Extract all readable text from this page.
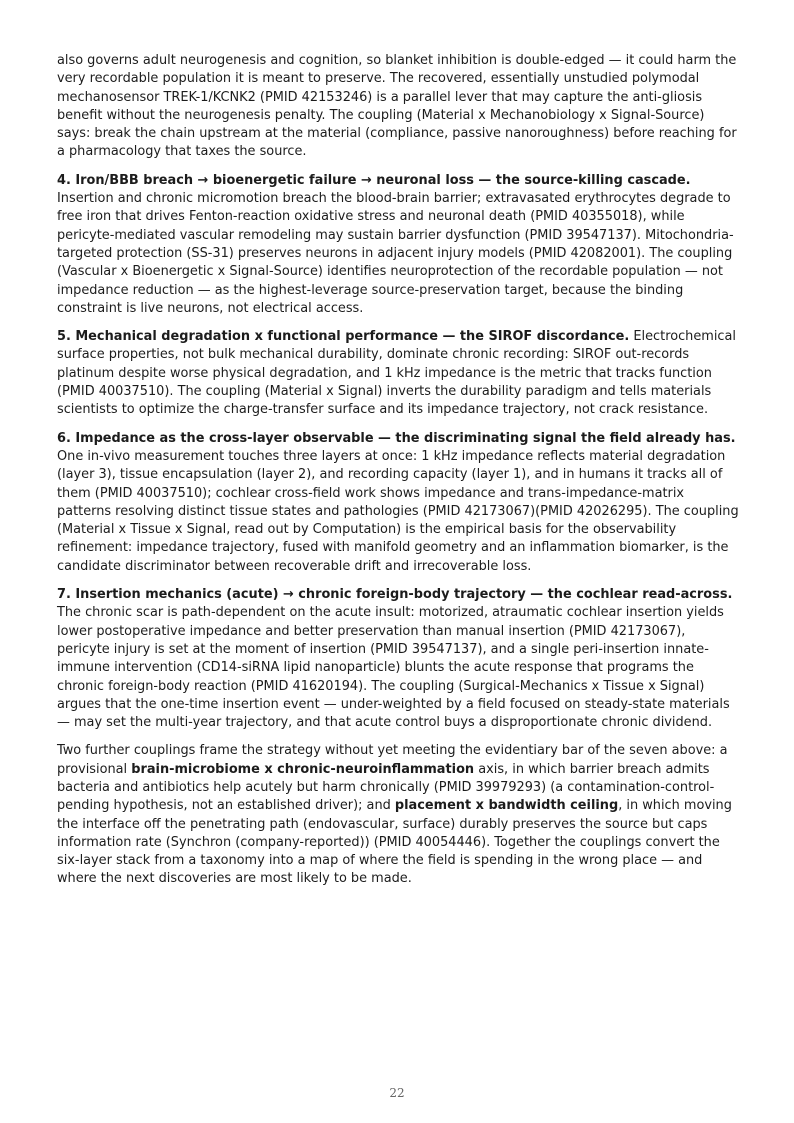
also governs adult neurogenesis and cognition, so blanket inhibition is double-edged — it could harm the very recordable population it is meant to preserve. The recovered, essentially unstudied polymodal mechanosensor TREK-1/KCNK2 (PMID 42153246) is a parallel lever that may capture the anti-gliosis benefit without the neurogenesis penalty. The coupling (Material x Mechanobiology x Signal-Source) says: break the chain upstream at the material (compliance, passive nanoroughness) before reaching for a pharmacology that taxes the source.

4. Iron/BBB breach → bioenergetic failure → neuronal loss — the source-killing cascade. Insertion and chronic micromotion breach the blood-brain barrier; extravasated erythrocytes degrade to free iron that drives Fenton-reaction oxidative stress and neuronal death (PMID 40355018), while pericyte-mediated vascular remodeling may sustain barrier dysfunction (PMID 39547137). Mitochondria-targeted protection (SS-31) preserves neurons in adjacent injury models (PMID 42082001). The coupling (Vascular x Bioenergetic x Signal-Source) identifies neuroprotection of the recordable population — not impedance reduction — as the highest-leverage source-preservation target, because the binding constraint is live neurons, not electrical access.

5. Mechanical degradation x functional performance — the SIROF discordance. Electrochemical surface properties, not bulk mechanical durability, dominate chronic recording: SIROF out-records platinum despite worse physical degradation, and 1 kHz impedance is the metric that tracks function (PMID 40037510). The coupling (Material x Signal) inverts the durability paradigm and tells materials scientists to optimize the charge-transfer surface and its impedance trajectory, not crack resistance.

6. Impedance as the cross-layer observable — the discriminating signal the field already has. One in-vivo measurement touches three layers at once: 1 kHz impedance reflects material degradation (layer 3), tissue encapsulation (layer 2), and recording capacity (layer 1), and in humans it tracks all of them (PMID 40037510); cochlear cross-field work shows impedance and trans-impedance-matrix patterns resolving distinct tissue states and pathologies (PMID 42173067)(PMID 42026295). The coupling (Material x Tissue x Signal, read out by Computation) is the empirical basis for the observability refinement: impedance trajectory, fused with manifold geometry and an inflammation biomarker, is the candidate discriminator between recoverable drift and irrecoverable loss.

7. Insertion mechanics (acute) → chronic foreign-body trajectory — the cochlear read-across. The chronic scar is path-dependent on the acute insult: motorized, atraumatic cochlear insertion yields lower postoperative impedance and better preservation than manual insertion (PMID 42173067), pericyte injury is set at the moment of insertion (PMID 39547137), and a single peri-insertion innate-immune intervention (CD14-siRNA lipid nanoparticle) blunts the acute response that programs the chronic foreign-body reaction (PMID 41620194). The coupling (Surgical-Mechanics x Tissue x Signal) argues that the one-time insertion event — under-weighted by a field focused on steady-state materials — may set the multi-year trajectory, and that acute control buys a disproportionate chronic dividend.

Two further couplings frame the strategy without yet meeting the evidentiary bar of the seven above: a provisional brain-microbiome x chronic-neuroinflammation axis, in which barrier breach admits bacteria and antibiotics help acutely but harm chronically (PMID 39979293) (a contamination-control-pending hypothesis, not an established driver); and placement x bandwidth ceiling, in which moving the interface off the penetrating path (endovascular, surface) durably preserves the source but caps information rate (Synchron (company-reported)) (PMID 40054446). Together the couplings convert the six-layer stack from a taxonomy into a map of where the field is spending in the wrong place — and where the next discoveries are most likely to be made.

22
